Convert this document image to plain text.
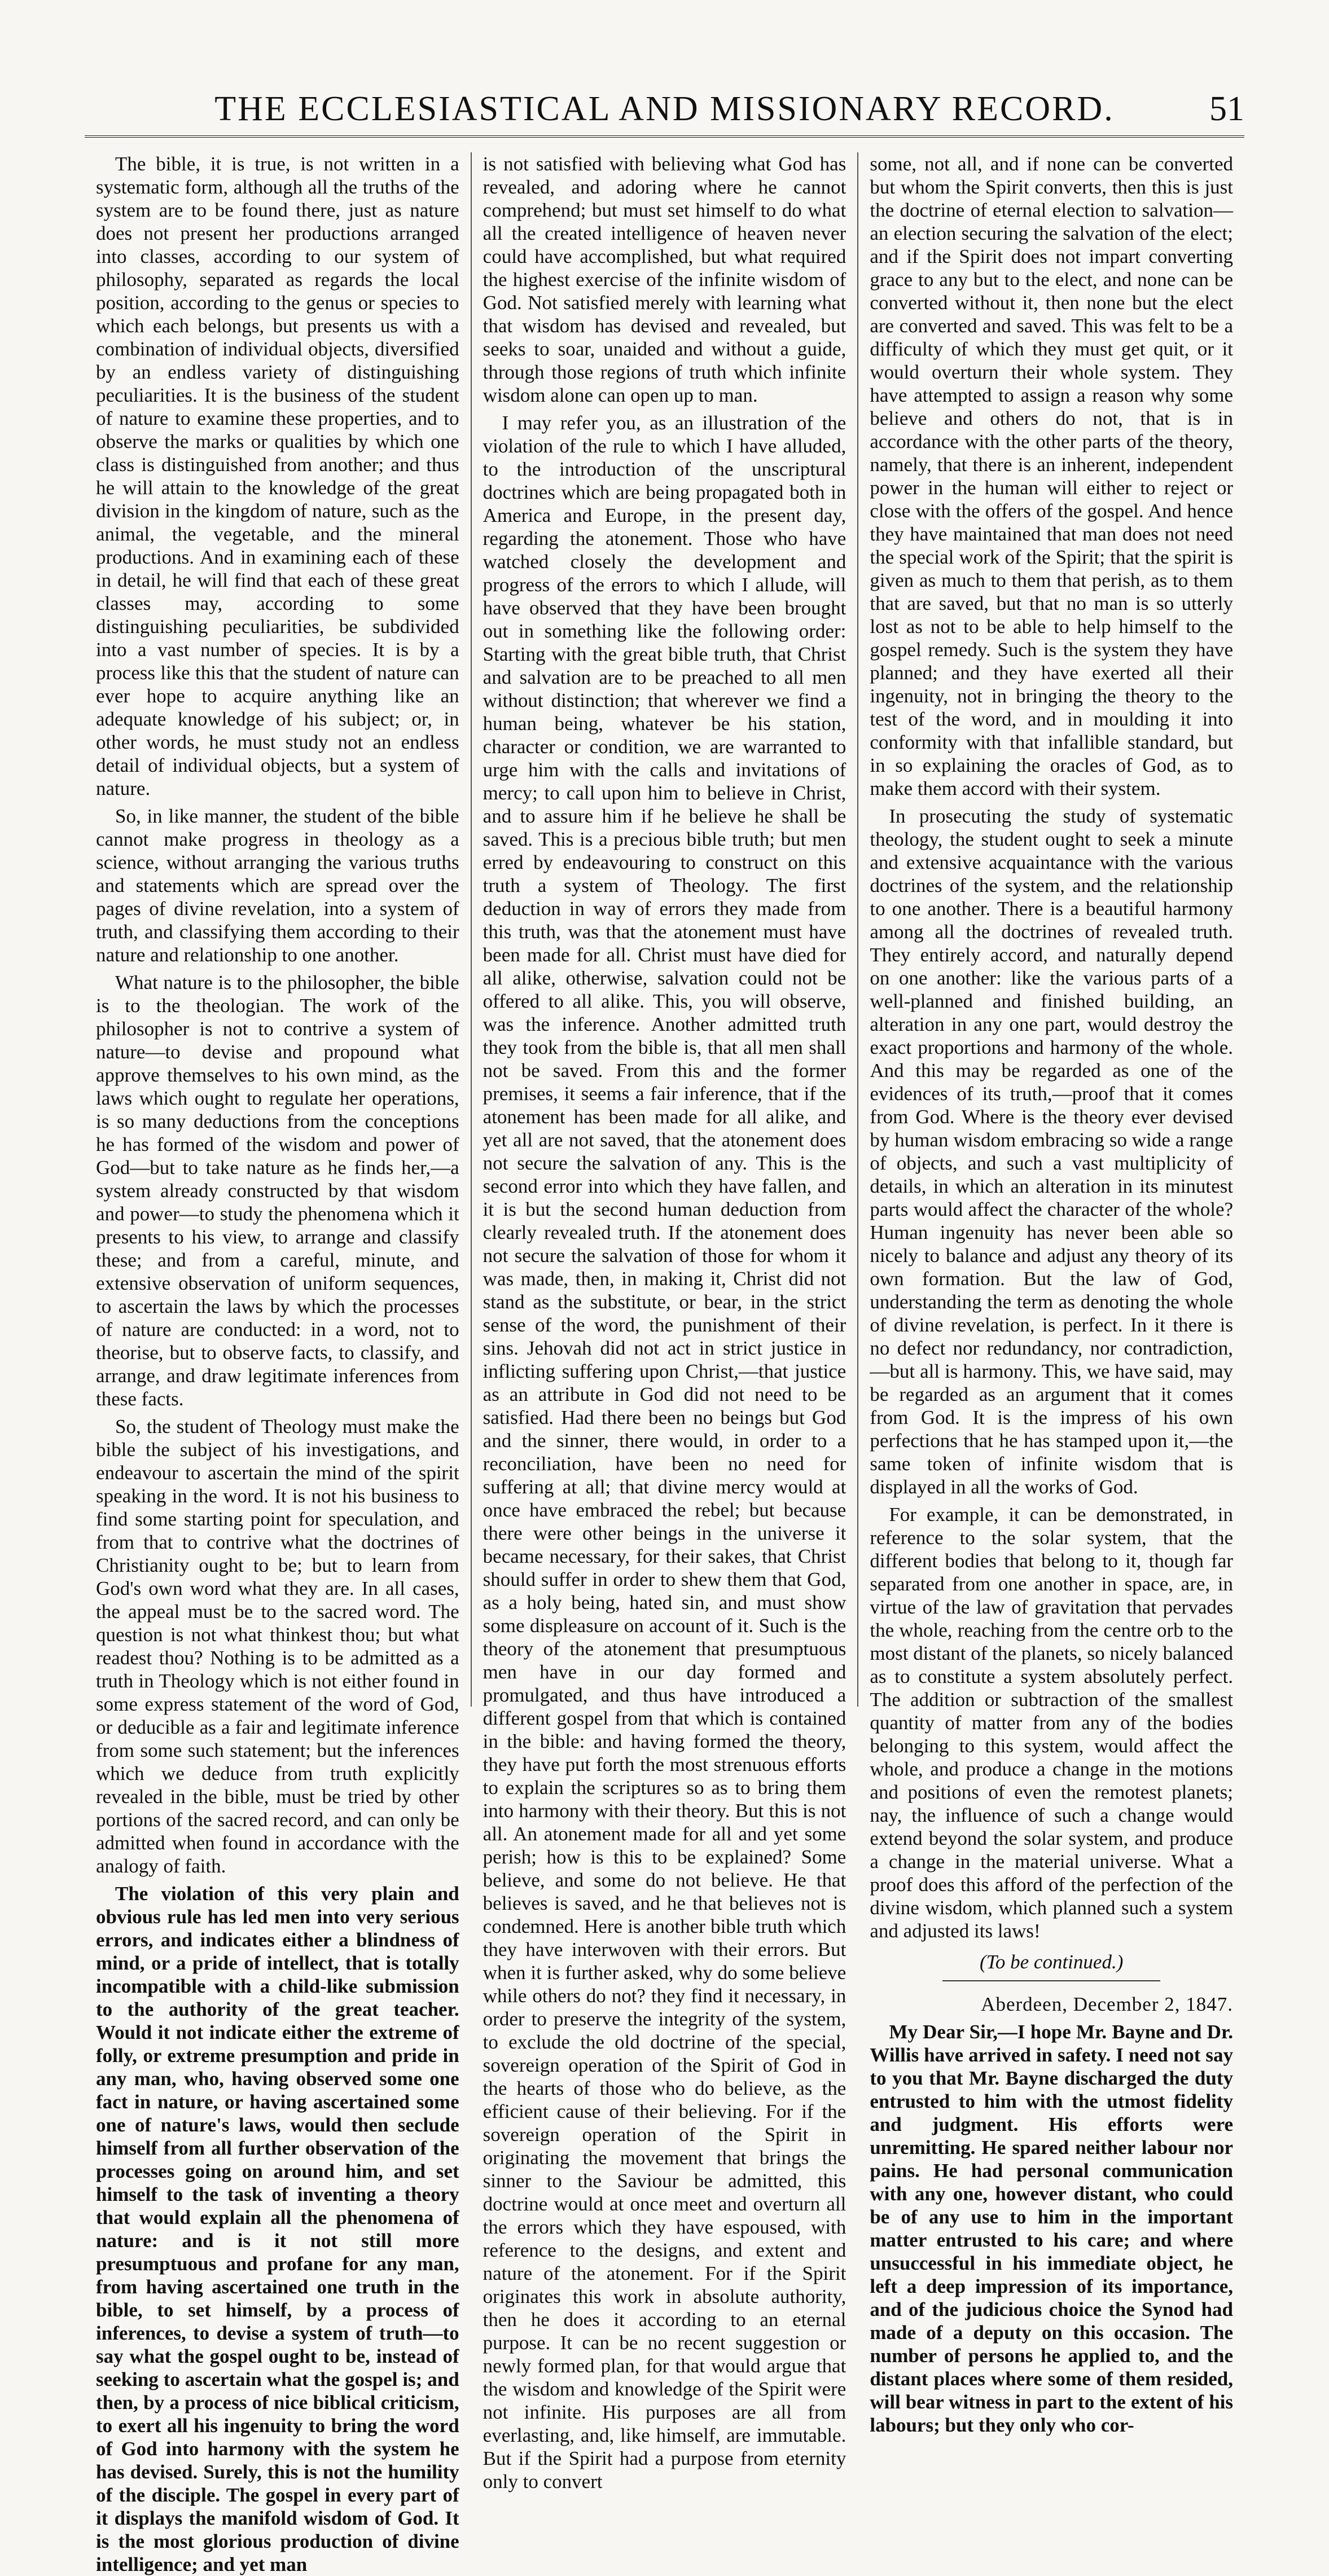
THE ECCLESIASTICAL AND MISSIONARY RECORD.	51

The bible, it is true, is not written in a systematic form, although all the truths of the system are to be found there, just as nature does not present her productions arranged into classes, according to our system of philosophy, separated as regards the local position, according to the genus or species to which each belongs, but presents us with a combination of individual objects, diversified by an endless variety of distinguishing peculiarities. It is the business of the student of nature to examine these properties, and to observe the marks or qualities by which one class is distinguished from another; and thus he will attain to the knowledge of the great division in the kingdom of nature, such as the animal, the vegetable, and the mineral productions. And in examining each of these in detail, he will find that each of these great classes may, according to some distinguishing peculiarities, be subdivided into a vast number of species. It is by a process like this that the student of nature can ever hope to acquire anything like an adequate knowledge of his subject; or, in other words, he must study not an endless detail of individual objects, but a system of nature.

So, in like manner, the student of the bible cannot make progress in theology as a science, without arranging the various truths and statements which are spread over the pages of divine revelation, into a system of truth, and classifying them according to their nature and relationship to one another.

What nature is to the philosopher, the bible is to the theologian. The work of the philosopher is not to contrive a system of nature—to devise and propound what approve themselves to his own mind, as the laws which ought to regulate her operations, is so many deductions from the conceptions he has formed of the wisdom and power of God—but to take nature as he finds her,—a system already constructed by that wisdom and power—to study the phenomena which it presents to his view, to arrange and classify these; and from a careful, minute, and extensive observation of uniform sequences, to ascertain the laws by which the processes of nature are conducted: in a word, not to theorise, but to observe facts, to classify, and arrange, and draw legitimate inferences from these facts.

So, the student of Theology must make the bible the subject of his investigations, and endeavour to ascertain the mind of the spirit speaking in the word. It is not his business to find some starting point for speculation, and from that to contrive what the doctrines of Christianity ought to be; but to learn from God's own word what they are. In all cases, the appeal must be to the sacred word. The question is not what thinkest thou; but what readest thou? Nothing is to be admitted as a truth in Theology which is not either found in some express statement of the word of God, or deducible as a fair and legitimate inference from some such statement; but the inferences which we deduce from truth explicitly revealed in the bible, must be tried by other portions of the sacred record, and can only be admitted when found in accordance with the analogy of faith.

The violation of this very plain and obvious rule has led men into very serious errors, and indicates either a blindness of mind, or a pride of intellect, that is totally incompatible with a child-like submission to the authority of the great teacher. Would it not indicate either the extreme of folly, or extreme presumption and pride in any man, who, having observed some one fact in nature, or having ascertained some one of nature's laws, would then seclude himself from all further observation of the processes going on around him, and set himself to the task of inventing a theory that would explain all the phenomena of nature: and is it not still more presumptuous and profane for any man, from having ascertained one truth in the bible, to set himself, by a process of inferences, to devise a system of truth—to say what the gospel ought to be, instead of seeking to ascertain what the gospel is; and then, by a process of nice biblical criticism, to exert all his ingenuity to bring the word of God into harmony with the system he has devised. Surely, this is not the humility of the disciple. The gospel in every part of it displays the manifold wisdom of God. It is the most glorious production of divine intelligence; and yet man

is not satisfied with believing what God has revealed, and adoring where he cannot comprehend; but must set himself to do what all the created intelligence of heaven never could have accomplished, but what required the highest exercise of the infinite wisdom of God. Not satisfied merely with learning what that wisdom has devised and revealed, but seeks to soar, unaided and without a guide, through those regions of truth which infinite wisdom alone can open up to man.

I may refer you, as an illustration of the violation of the rule to which I have alluded, to the introduction of the unscriptural doctrines which are being propagated both in America and Europe, in the present day, regarding the atonement. Those who have watched closely the development and progress of the errors to which I allude, will have observed that they have been brought out in something like the following order: Starting with the great bible truth, that Christ and salvation are to be preached to all men without distinction; that wherever we find a human being, whatever be his station, character or condition, we are warranted to urge him with the calls and invitations of mercy; to call upon him to believe in Christ, and to assure him if he believe he shall be saved. This is a precious bible truth; but men erred by endeavouring to construct on this truth a system of Theology. The first deduction in way of errors they made from this truth, was that the atonement must have been made for all. Christ must have died for all alike, otherwise, salvation could not be offered to all alike. This, you will observe, was the inference. Another admitted truth they took from the bible is, that all men shall not be saved. From this and the former premises, it seems a fair inference, that if the atonement has been made for all alike, and yet all are not saved, that the atonement does not secure the salvation of any. This is the second error into which they have fallen, and it is but the second human deduction from clearly revealed truth. If the atonement does not secure the salvation of those for whom it was made, then, in making it, Christ did not stand as the substitute, or bear, in the strict sense of the word, the punishment of their sins. Jehovah did not act in strict justice in inflicting suffering upon Christ,—that justice as an attribute in God did not need to be satisfied. Had there been no beings but God and the sinner, there would, in order to a reconciliation, have been no need for suffering at all; that divine mercy would at once have embraced the rebel; but because there were other beings in the universe it became necessary, for their sakes, that Christ should suffer in order to shew them that God, as a holy being, hated sin, and must show some displeasure on account of it. Such is the theory of the atonement that presumptuous men have in our day formed and promulgated, and thus have introduced a different gospel from that which is contained in the bible: and having formed the theory, they have put forth the most strenuous efforts to explain the scriptures so as to bring them into harmony with their theory. But this is not all. An atonement made for all and yet some perish; how is this to be explained? Some believe, and some do not believe. He that believes is saved, and he that believes not is condemned. Here is another bible truth which they have interwoven with their errors. But when it is further asked, why do some believe while others do not? they find it necessary, in order to preserve the integrity of the system, to exclude the old doctrine of the special, sovereign operation of the Spirit of God in the hearts of those who do believe, as the efficient cause of their believing. For if the sovereign operation of the Spirit in originating the movement that brings the sinner to the Saviour be admitted, this doctrine would at once meet and overturn all the errors which they have espoused, with reference to the designs, and extent and nature of the atonement. For if the Spirit originates this work in absolute authority, then he does it according to an eternal purpose. It can be no recent suggestion or newly formed plan, for that would argue that the wisdom and knowledge of the Spirit were not infinite. His purposes are all from everlasting, and, like himself, are immutable. But if the Spirit had a purpose from eternity only to convert

some, not all, and if none can be converted but whom the Spirit converts, then this is just the doctrine of eternal election to salvation—an election securing the salvation of the elect; and if the Spirit does not impart converting grace to any but to the elect, and none can be converted without it, then none but the elect are converted and saved. This was felt to be a difficulty of which they must get quit, or it would overturn their whole system. They have attempted to assign a reason why some believe and others do not, that is in accordance with the other parts of the theory, namely, that there is an inherent, independent power in the human will either to reject or close with the offers of the gospel. And hence they have maintained that man does not need the special work of the Spirit; that the spirit is given as much to them that perish, as to them that are saved, but that no man is so utterly lost as not to be able to help himself to the gospel remedy. Such is the system they have planned; and they have exerted all their ingenuity, not in bringing the theory to the test of the word, and in moulding it into conformity with that infallible standard, but in so explaining the oracles of God, as to make them accord with their system.

In prosecuting the study of systematic theology, the student ought to seek a minute and extensive acquaintance with the various doctrines of the system, and the relationship to one another. There is a beautiful harmony among all the doctrines of revealed truth. They entirely accord, and naturally depend on one another: like the various parts of a well-planned and finished building, an alteration in any one part, would destroy the exact proportions and harmony of the whole. And this may be regarded as one of the evidences of its truth,—proof that it comes from God. Where is the theory ever devised by human wisdom embracing so wide a range of objects, and such a vast multiplicity of details, in which an alteration in its minutest parts would affect the character of the whole? Human ingenuity has never been able so nicely to balance and adjust any theory of its own formation. But the law of God, understanding the term as denoting the whole of divine revelation, is perfect. In it there is no defect nor redundancy, nor contradiction,—but all is harmony. This, we have said, may be regarded as an argument that it comes from God. It is the impress of his own perfections that he has stamped upon it,—the same token of infinite wisdom that is displayed in all the works of God.

For example, it can be demonstrated, in reference to the solar system, that the different bodies that belong to it, though far separated from one another in space, are, in virtue of the law of gravitation that pervades the whole, reaching from the centre orb to the most distant of the planets, so nicely balanced as to constitute a system absolutely perfect. The addition or subtraction of the smallest quantity of matter from any of the bodies belonging to this system, would affect the whole, and produce a change in the motions and positions of even the remotest planets; nay, the influence of such a change would extend beyond the solar system, and produce a change in the material universe. What a proof does this afford of the perfection of the divine wisdom, which planned such a system and adjusted its laws!

(To be continued.)
Aberdeen, December 2, 1847.

My Dear Sir,—I hope Mr. Bayne and Dr. Willis have arrived in safety. I need not say to you that Mr. Bayne discharged the duty entrusted to him with the utmost fidelity and judgment. His efforts were unremitting. He spared neither labour nor pains. He had personal communication with any one, however distant, who could be of any use to him in the important matter entrusted to his care; and where unsuccessful in his immediate object, he left a deep impression of its importance, and of the judicious choice the Synod had made of a deputy on this occasion. The number of persons he applied to, and the distant places where some of them resided, will bear witness in part to the extent of his labours; but they only who cor-
